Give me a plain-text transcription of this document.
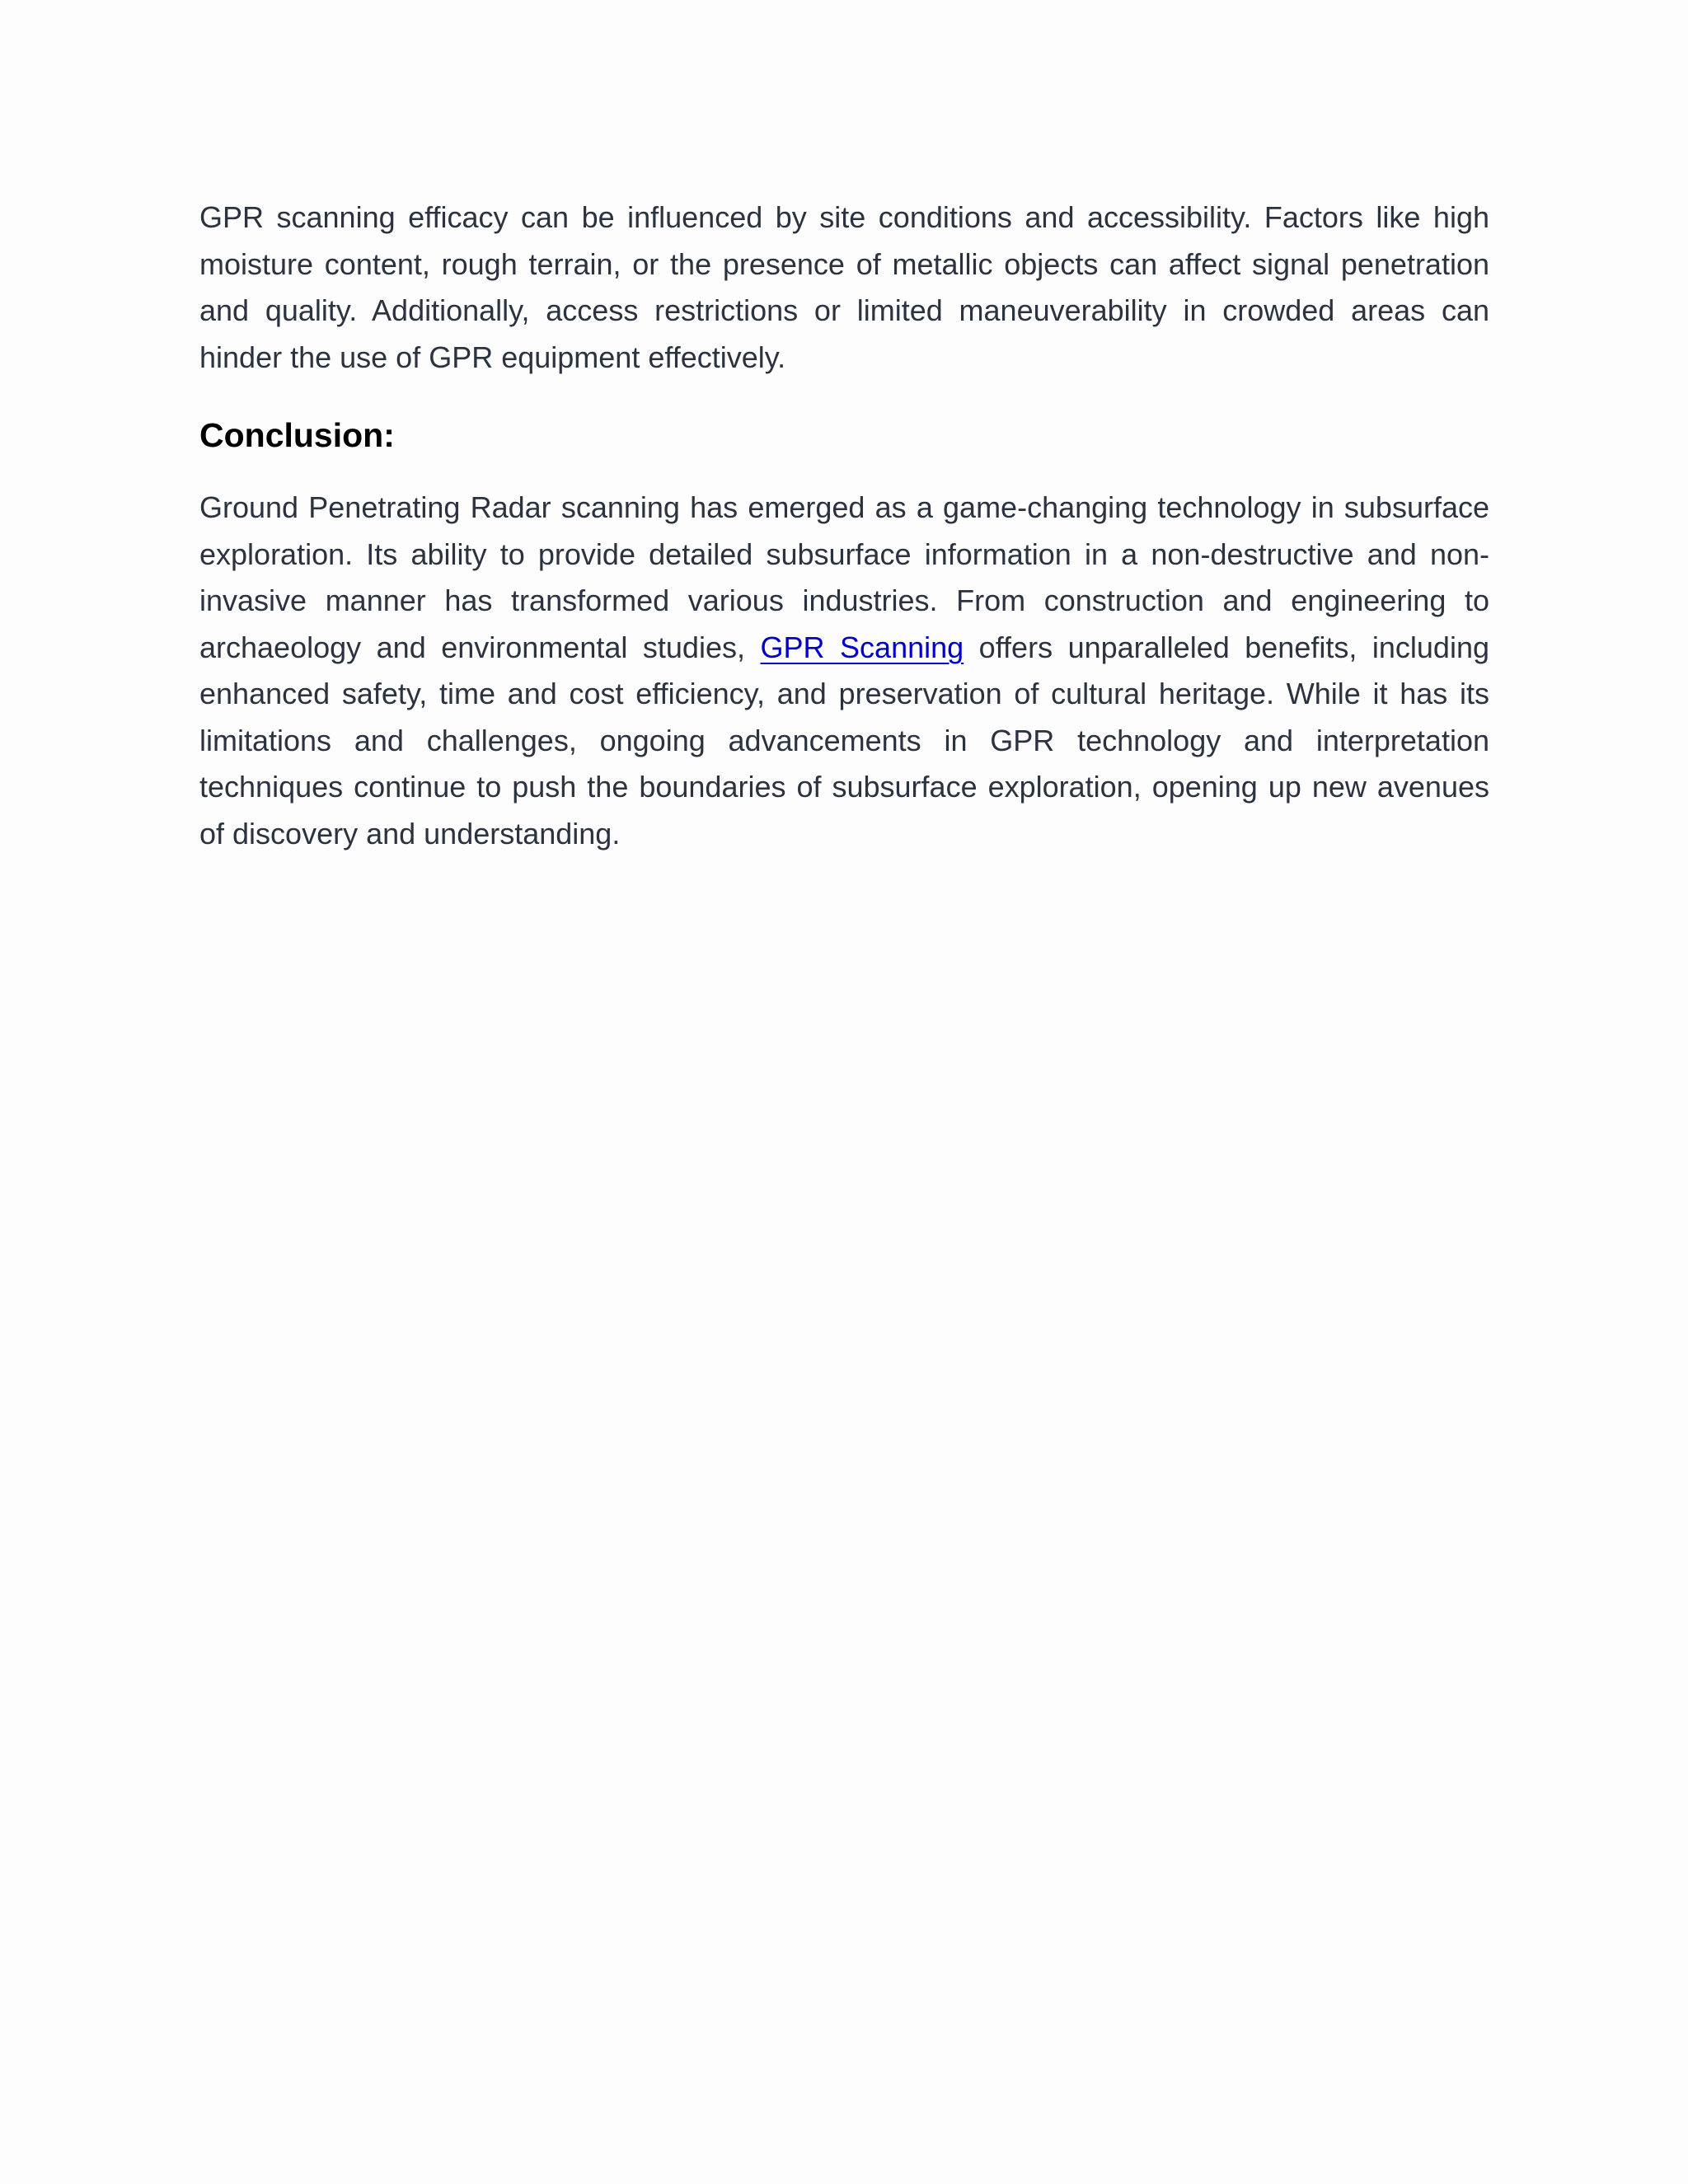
GPR scanning efficacy can be influenced by site conditions and accessibility. Factors like high moisture content, rough terrain, or the presence of metallic objects can affect signal penetration and quality. Additionally, access restrictions or limited maneuverability in crowded areas can hinder the use of GPR equipment effectively.

Conclusion:

Ground Penetrating Radar scanning has emerged as a game-changing technology in subsurface exploration. Its ability to provide detailed subsurface information in a non-destructive and non-invasive manner has transformed various industries. From construction and engineering to archaeology and environmental studies, GPR Scanning offers unparalleled benefits, including enhanced safety, time and cost efficiency, and preservation of cultural heritage. While it has its limitations and challenges, ongoing advancements in GPR technology and interpretation techniques continue to push the boundaries of subsurface exploration, opening up new avenues of discovery and understanding.
